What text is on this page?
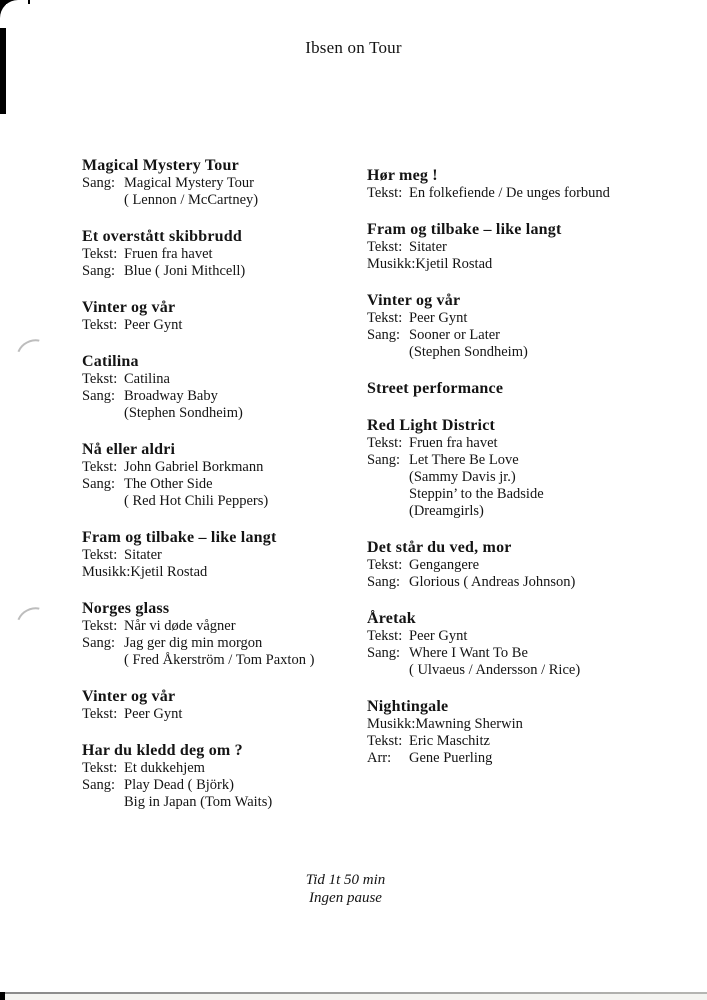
Ibsen on Tour
Magical Mystery Tour
Sang: Magical Mystery Tour
( Lennon / McCartney)
Et overstått skibbrudd
Tekst: Fruen fra havet
Sang: Blue ( Joni Mithcell)
Vinter og vår
Tekst: Peer Gynt
Catilina
Tekst: Catilina
Sang: Broadway Baby
(Stephen Sondheim)
Nå eller aldri
Tekst: John Gabriel Borkmann
Sang: The Other Side
( Red Hot Chili Peppers)
Fram og tilbake – like langt
Tekst: Sitater
Musikk:Kjetil Rostad
Norges glass
Tekst: Når vi døde vågner
Sang: Jag ger dig min morgon
( Fred Åkerström / Tom Paxton )
Vinter og vår
Tekst: Peer Gynt
Har du kledd deg om ?
Tekst: Et dukkehjem
Sang: Play Dead ( Björk)
Big in Japan (Tom Waits)
Hør meg !
Tekst: En folkefiende / De unges forbund
Fram og tilbake – like langt
Tekst: Sitater
Musikk:Kjetil Rostad
Vinter og vår
Tekst: Peer Gynt
Sang: Sooner or Later
(Stephen Sondheim)
Street performance
Red Light District
Tekst: Fruen fra havet
Sang: Let There Be Love
(Sammy Davis jr.)
Steppin’ to the Badside
(Dreamgirls)
Det står du ved, mor
Tekst: Gengangere
Sang: Glorious ( Andreas Johnson)
Åretak
Tekst: Peer Gynt
Sang: Where I Want To Be
( Ulvaeus / Andersson / Rice)
Nightingale
Musikk:Mawning Sherwin
Tekst: Eric Maschitz
Arr: Gene Puerling
Tid 1t 50 min
Ingen pause
